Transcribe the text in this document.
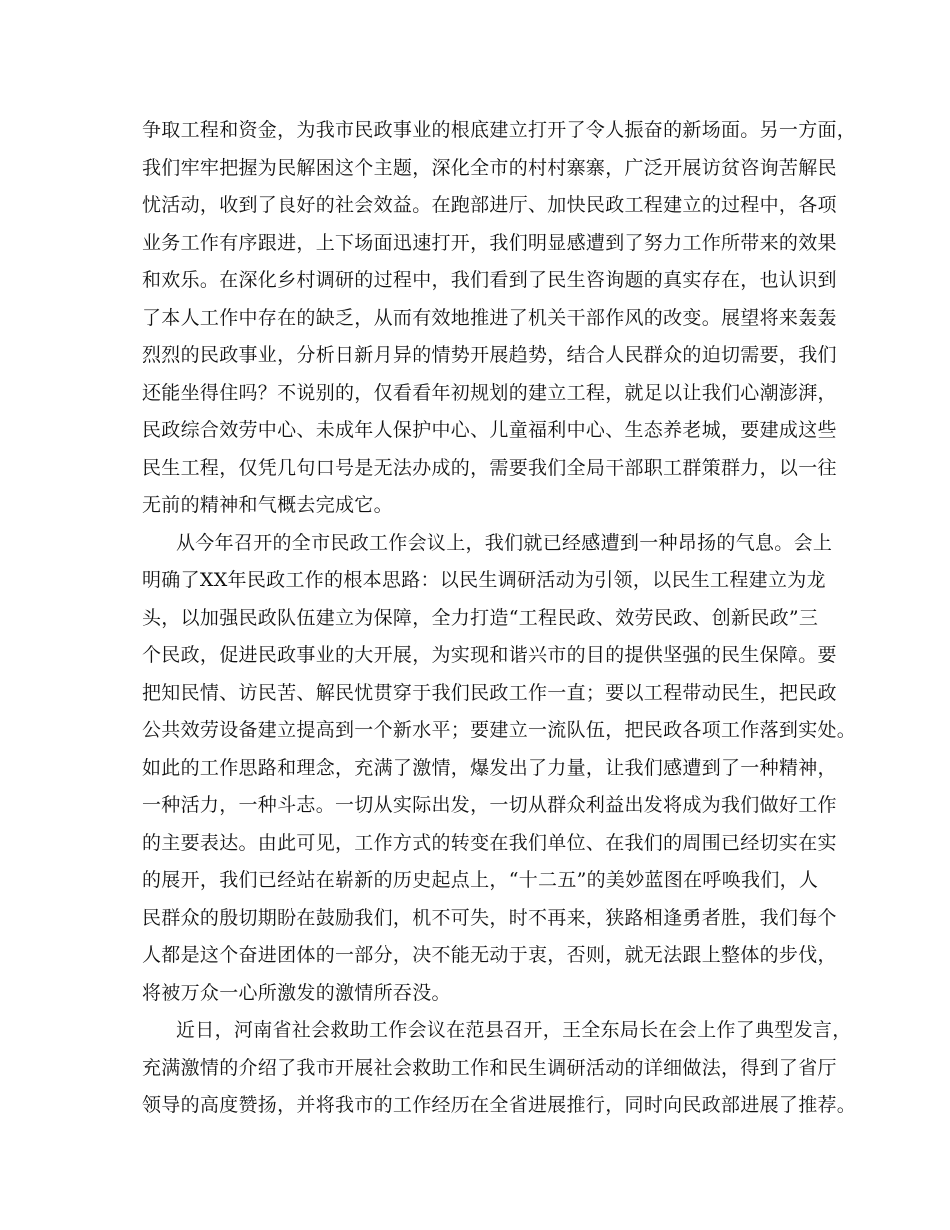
争取工程和资金，为我市民政事业的根底建立打开了令人振奋的新场面。另一方面，
我们牢牢把握为民解困这个主题，深化全市的村村寨寨，广泛开展访贫咨询苦解民
忧活动，收到了良好的社会效益。在跑部进厅、加快民政工程建立的过程中，各项
业务工作有序跟进，上下场面迅速打开，我们明显感遭到了努力工作所带来的效果
和欢乐。在深化乡村调研的过程中，我们看到了民生咨询题的真实存在，也认识到
了本人工作中存在的缺乏，从而有效地推进了机关干部作风的改变。展望将来轰轰
烈烈的民政事业，分析日新月异的情势开展趋势，结合人民群众的迫切需要，我们
还能坐得住吗？不说别的，仅看看年初规划的建立工程，就足以让我们心潮澎湃，
民政综合效劳中心、未成年人保护中心、儿童福利中心、生态养老城，要建成这些
民生工程，仅凭几句口号是无法办成的，需要我们全局干部职工群策群力，以一往
无前的精神和气概去完成它。
从今年召开的全市民政工作会议上，我们就已经感遭到一种昂扬的气息。会上
明确了XX年民政工作的根本思路：以民生调研活动为引领，以民生工程建立为龙
头，以加强民政队伍建立为保障，全力打造“工程民政、效劳民政、创新民政”三
个民政，促进民政事业的大开展，为实现和谐兴市的目的提供坚强的民生保障。要
把知民情、访民苦、解民忧贯穿于我们民政工作一直；要以工程带动民生，把民政
公共效劳设备建立提高到一个新水平；要建立一流队伍，把民政各项工作落到实处。
如此的工作思路和理念，充满了激情，爆发出了力量，让我们感遭到了一种精神，
一种活力，一种斗志。一切从实际出发，一切从群众利益出发将成为我们做好工作
的主要表达。由此可见，工作方式的转变在我们单位、在我们的周围已经切实在实
的展开，我们已经站在崭新的历史起点上，“十二五”的美妙蓝图在呼唤我们，人
民群众的殷切期盼在鼓励我们，机不可失，时不再来，狭路相逢勇者胜，我们每个
人都是这个奋进团体的一部分，决不能无动于衷，否则，就无法跟上整体的步伐，
将被万众一心所激发的激情所吞没。
近日，河南省社会救助工作会议在范县召开，王全东局长在会上作了典型发言，
充满激情的介绍了我市开展社会救助工作和民生调研活动的详细做法，得到了省厅
领导的高度赞扬，并将我市的工作经历在全省进展推行，同时向民政部进展了推荐。
